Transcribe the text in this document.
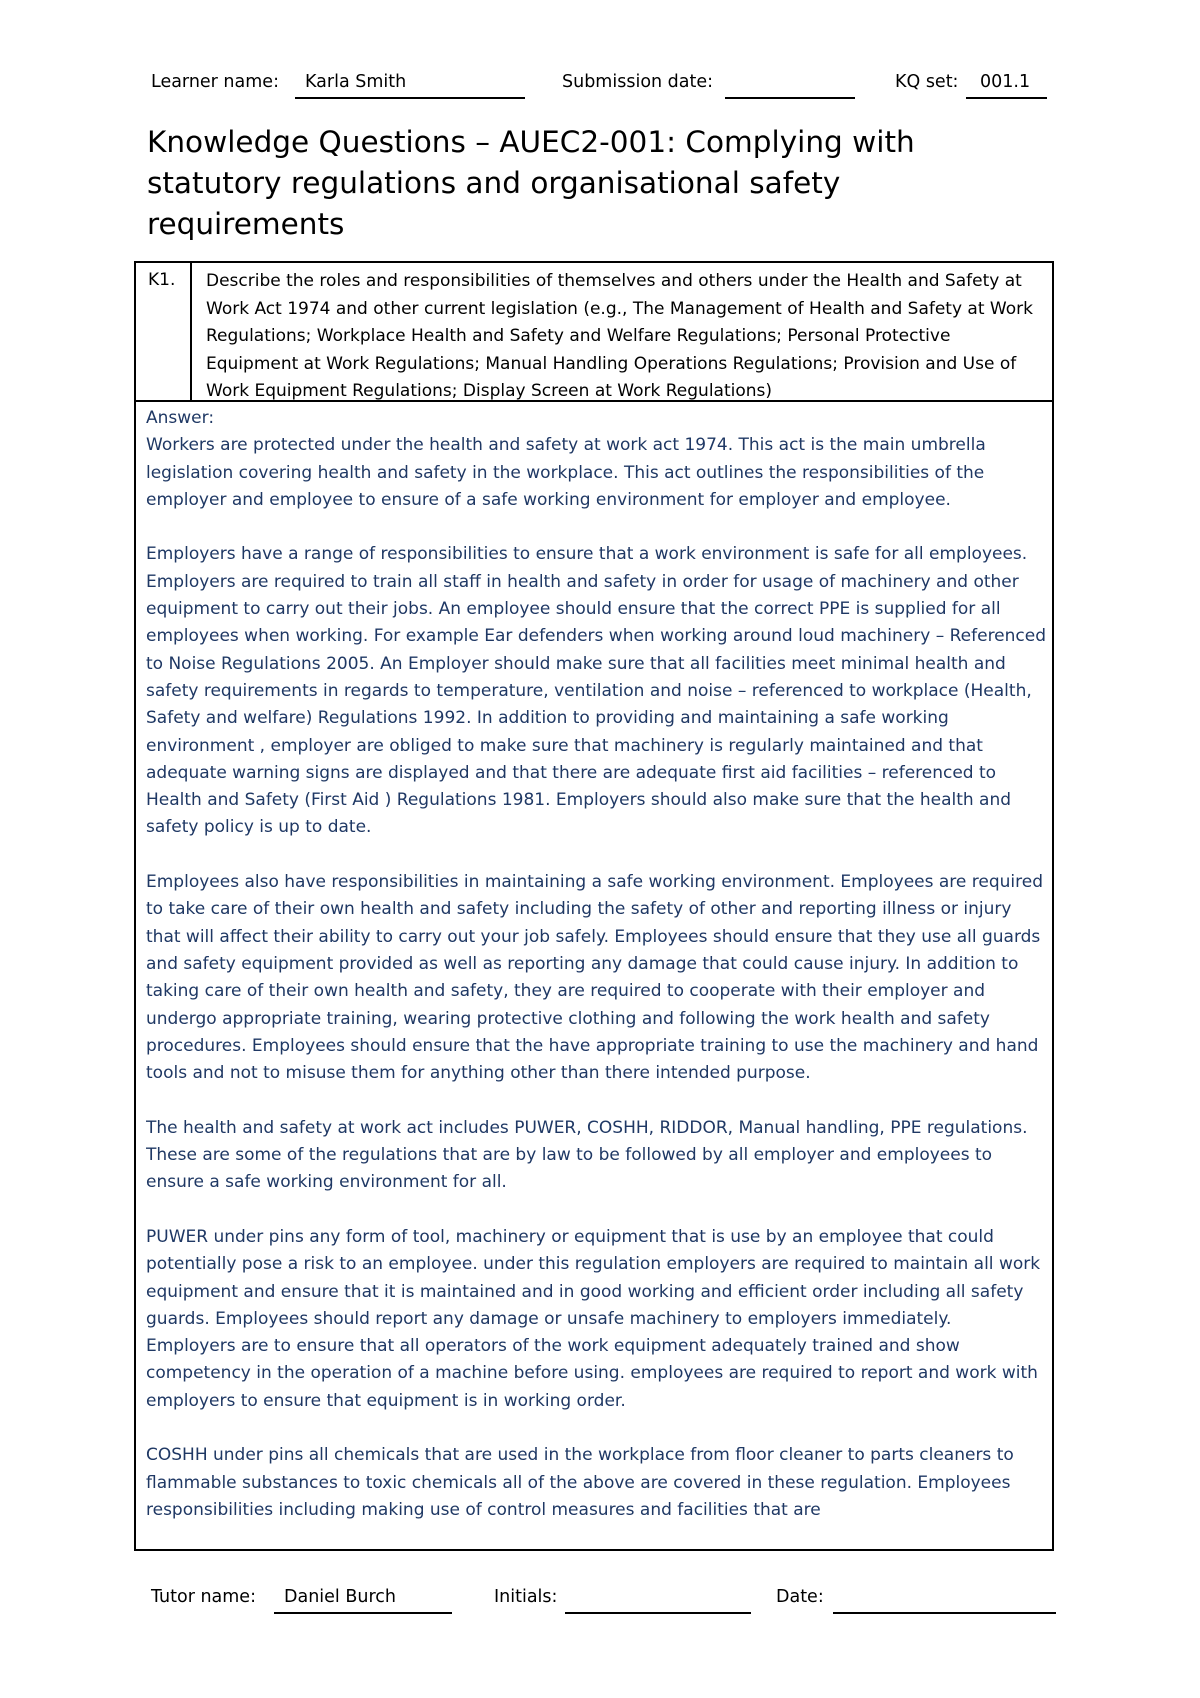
Learner name:	Karla Smith	Submission date:	KQ set:	001.1
Knowledge Questions – AUEC2-001: Complying with statutory regulations and organisational safety requirements
K1.	Describe the roles and responsibilities of themselves and others under the Health and Safety at Work Act 1974 and other current legislation (e.g., The Management of Health and Safety at Work Regulations; Workplace Health and Safety and Welfare Regulations; Personal Protective Equipment at Work Regulations; Manual Handling Operations Regulations; Provision and Use of Work Equipment Regulations; Display Screen at Work Regulations)

Answer:

Workers are protected under the health and safety at work act 1974. This act is the main umbrella legislation covering health and safety in the workplace. This act outlines the responsibilities of the employer and employee to ensure of a safe working environment for employer and employee.

Employers have a range of responsibilities to ensure that a work environment is safe for all employees. Employers are required to train all staff in health and safety in order for usage of machinery and other equipment to carry out their jobs. An employee should ensure that the correct PPE is supplied for all employees when working. For example Ear defenders when working around loud machinery – Referenced to Noise Regulations 2005. An Employer should make sure that all facilities meet minimal health and safety requirements in regards to temperature, ventilation and noise – referenced to workplace (Health, Safety and welfare) Regulations 1992. In addition to providing and maintaining a safe working environment , employer are obliged to make sure that machinery is regularly maintained and that adequate warning signs are displayed and that there are adequate first aid facilities – referenced to Health and Safety (First Aid ) Regulations 1981. Employers should also make sure that the health and safety policy is up to date.

Employees also have responsibilities in maintaining a safe working environment. Employees are required to take care of their own health and safety including the safety of other and reporting illness or injury that will affect their ability to carry out your job safely. Employees should ensure that they use all guards and safety equipment provided as well as reporting any damage that could cause injury. In addition to taking care of their own health and safety, they are required to cooperate with their employer and undergo appropriate training, wearing protective clothing and following the work health and safety procedures. Employees should ensure that the have appropriate training to use the machinery and hand tools and not to misuse them for anything other than there intended purpose.

The health and safety at work act includes PUWER, COSHH, RIDDOR, Manual handling, PPE regulations. These are some of the regulations that are by law to be followed by all employer and employees to ensure a safe working environment for all.

PUWER under pins any form of tool, machinery or equipment that is use by an employee that could potentially pose a risk to an employee. under this regulation employers are required to maintain all work equipment and ensure that it is maintained and in good working and efficient order including all safety guards. Employees should report any damage or unsafe machinery to employers immediately. Employers are to ensure that all operators of the work equipment adequately trained and show competency in the operation of a machine before using. employees are required to report and work with employers to ensure that equipment is in working order.

COSHH under pins all chemicals that are used in the workplace from floor cleaner to parts cleaners to flammable substances to toxic chemicals all of the above are covered in these regulation. Employees responsibilities including making use of control measures and facilities that are

Tutor name:	Daniel Burch	Initials:	Date:
